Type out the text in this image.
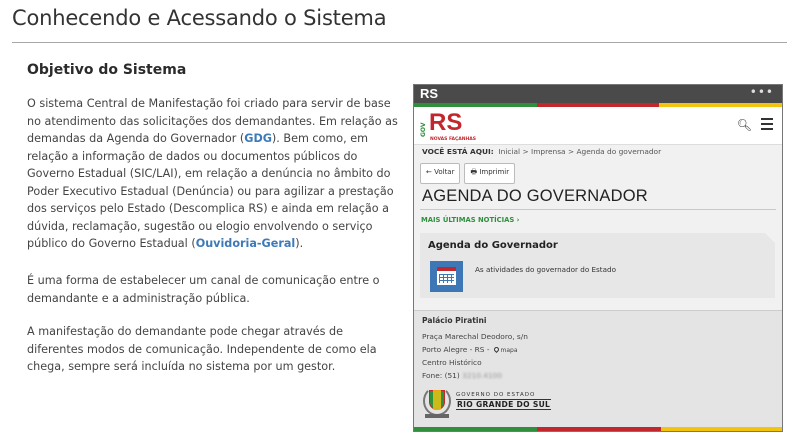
Conhecendo e Acessando o Sistema
Objetivo do Sistema

O sistema Central de Manifestação foi criado para servir de base no atendimento das solicitações dos demandantes. Em relação as demandas da Agenda do Governador (GDG). Bem como, em relação a informação de dados ou documentos públicos do Governo Estadual (SIC/LAI), em relação a denúncia no âmbito do Poder Executivo Estadual (Denúncia) ou para agilizar a prestação dos serviços pelo Estado (Descomplica RS) e ainda em relação a dúvida, reclamação, sugestão ou elogio envolvendo o serviço público do Governo Estadual (Ouvidoria-Geral).

É uma forma de estabelecer um canal de comunicação entre o demandante e a administração pública.

A manifestação do demandante pode chegar através de diferentes modos de comunicação. Independente de como ela chega, sempre será incluída no sistema por um gestor.

RS	•••
GOV RS
NOVAS FAÇANHAS
🔍︎
VOCÊ ESTÁ AQUI: Inicial > Imprensa > Agenda do governador
← Voltar	🖶 Imprimir
AGENDA DO GOVERNADOR
MAIS ÚLTIMAS NOTÍCIAS ›
Agenda do Governador
As atividades do governador do Estado
Palácio Piratini
Praça Marechal Deodoro, s/n
Porto Alegre - RS - mapa
Centro Histórico
Fone: (51) 3210.4100
GOVERNO DO ESTADO
RIO GRANDE DO SUL
